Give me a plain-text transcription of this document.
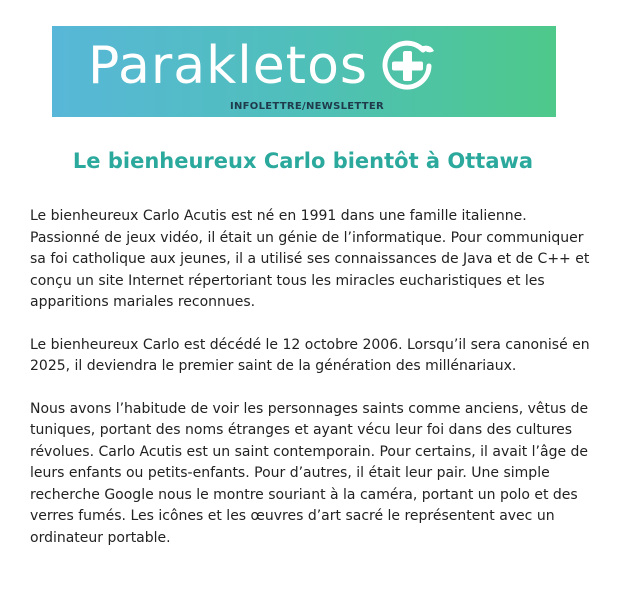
Parakletos
INFOLETTRE/NEWSLETTER
Le bienheureux Carlo bientôt à Ottawa

Le bienheureux Carlo Acutis est né en 1991 dans une famille italienne. Passionné de jeux vidéo, il était un génie de l’informatique. Pour communiquer sa foi catholique aux jeunes, il a utilisé ses connaissances de Java et de C++ et conçu un site Internet répertoriant tous les miracles eucharistiques et les apparitions mariales reconnues.

Le bienheureux Carlo est décédé le 12 octobre 2006. Lorsqu’il sera canonisé en 2025, il deviendra le premier saint de la génération des millénariaux.

Nous avons l’habitude de voir les personnages saints comme anciens, vêtus de tuniques, portant des noms étranges et ayant vécu leur foi dans des cultures révolues. Carlo Acutis est un saint contemporain. Pour certains, il avait l’âge de leurs enfants ou petits-enfants. Pour d’autres, il était leur pair. Une simple recherche Google nous le montre souriant à la caméra, portant un polo et des verres fumés. Les icônes et les œuvres d’art sacré le représentent avec un ordinateur portable.
